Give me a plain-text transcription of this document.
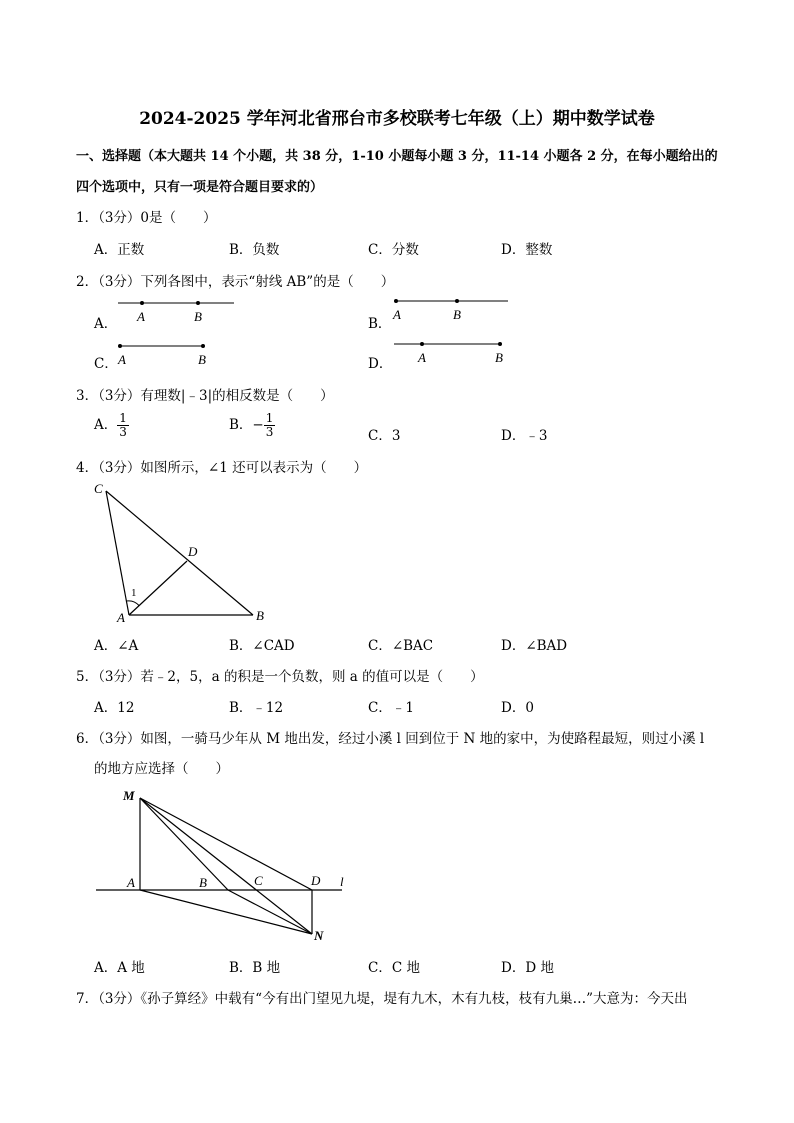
2024-2025 学年河北省邢台市多校联考七年级（上）期中数学试卷
一、选择题（本大题共 14 个小题，共 38 分，1-10 小题每小题 3 分，11-14 小题各 2 分，在每小题给出的
四个选项中，只有一项是符合题目要求的）
1．（3分）0是（　　）
A．正数	B．负数	C．分数	D．整数
2．（3分）下列各图中，表示“射线 AB”的是（　　）
A． A	B	B．
A	B
C． A	B	D． A	B
3．（3分）有理数|﹣3|的相反数是（　　）
A． $\frac{1}{3}$	B．− $\frac{1}{3}$	C．3	D．﹣3
4．（3分）如图所示，∠1 还可以表示为（　　）
C
D
A	B
1
A．∠A	B．∠CAD	C．∠BAC	D．∠BAD
5．（3分）若﹣2，5，a 的积是一个负数，则 a 的值可以是（　　）
A．12	B．﹣12	C．﹣1	D．0
6．（3分）如图，一骑马少年从 M 地出发，经过小溪 l 回到位于 N 地的家中，为使路程最短，则过小溪 l
的地方应选择（　　）
M
A	B	C	D l
N
A．A 地	B．B 地	C．C 地	D．D 地
7．（3分）《孙子算经》中载有“今有出门望见九堤，堤有九木，木有九枝，枝有九巢…”大意为：今天出
